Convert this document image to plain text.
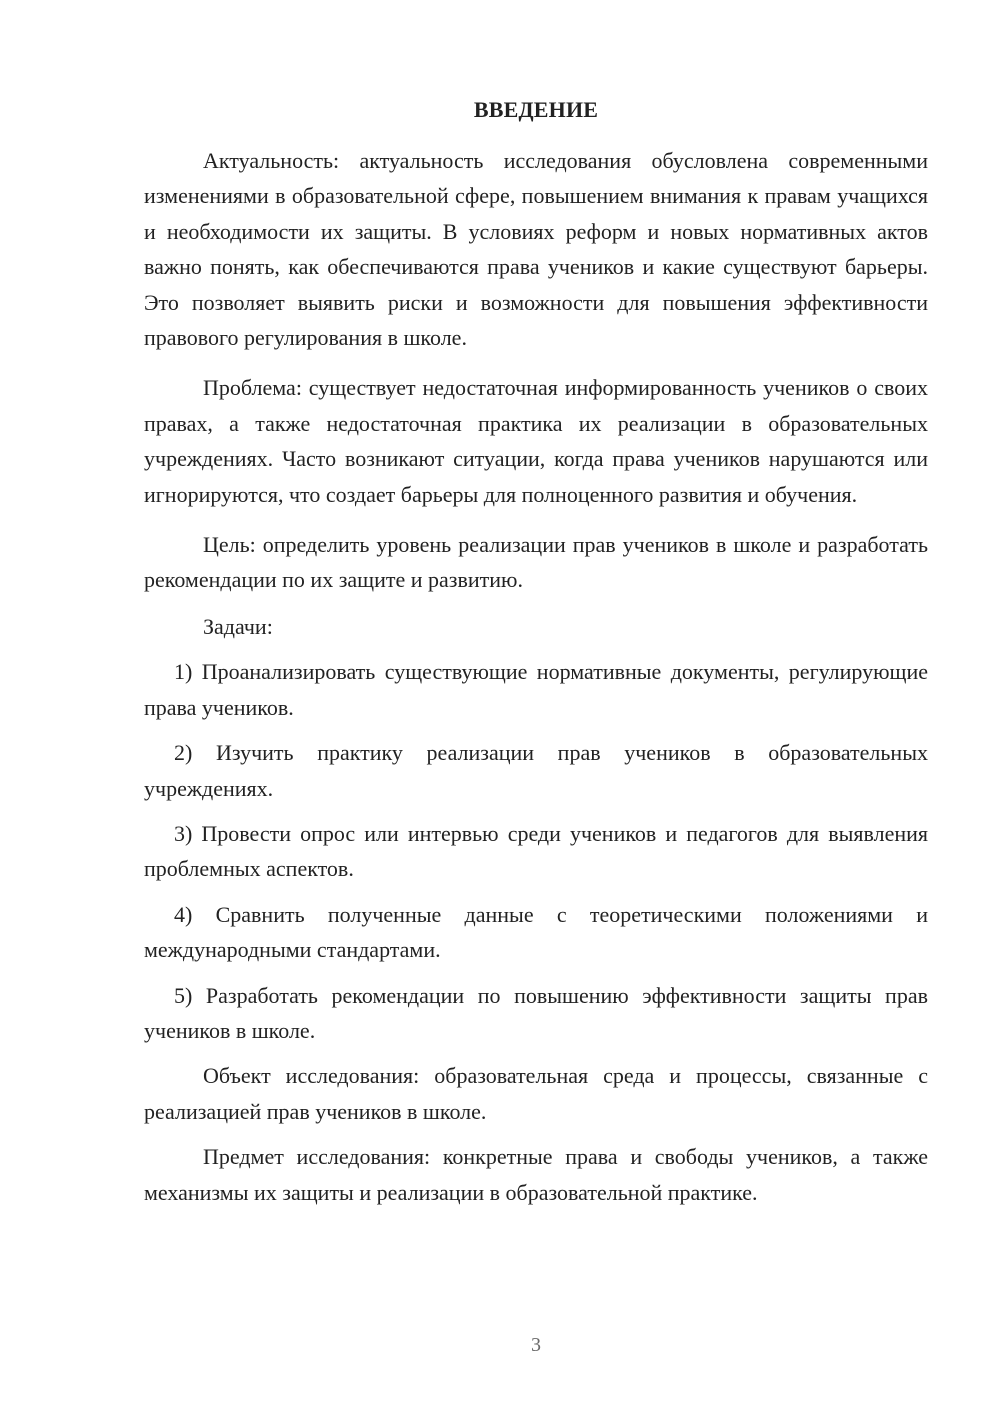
ВВЕДЕНИЕ

Актуальность: актуальность исследования обусловлена современными изменениями в образовательной сфере, повышением внимания к правам учащихся и необходимости их защиты. В условиях реформ и новых нормативных актов важно понять, как обеспечиваются права учеников и какие существуют барьеры. Это позволяет выявить риски и возможности для повышения эффективности правового регулирования в школе.

Проблема: существует недостаточная информированность учеников о своих правах, а также недостаточная практика их реализации в образовательных учреждениях. Часто возникают ситуации, когда права учеников нарушаются или игнорируются, что создает барьеры для полноценного развития и обучения.

Цель: определить уровень реализации прав учеников в школе и разработать рекомендации по их защите и развитию.

Задачи:

1) Проанализировать существующие нормативные документы, регулирующие права учеников.

2) Изучить практику реализации прав учеников в образовательных учреждениях.

3) Провести опрос или интервью среди учеников и педагогов для выявления проблемных аспектов.

4) Сравнить полученные данные с теоретическими положениями и международными стандартами.

5) Разработать рекомендации по повышению эффективности защиты прав учеников в школе.

Объект исследования: образовательная среда и процессы, связанные с реализацией прав учеников в школе.

Предмет исследования: конкретные права и свободы учеников, а также механизмы их защиты и реализации в образовательной практике.

3
